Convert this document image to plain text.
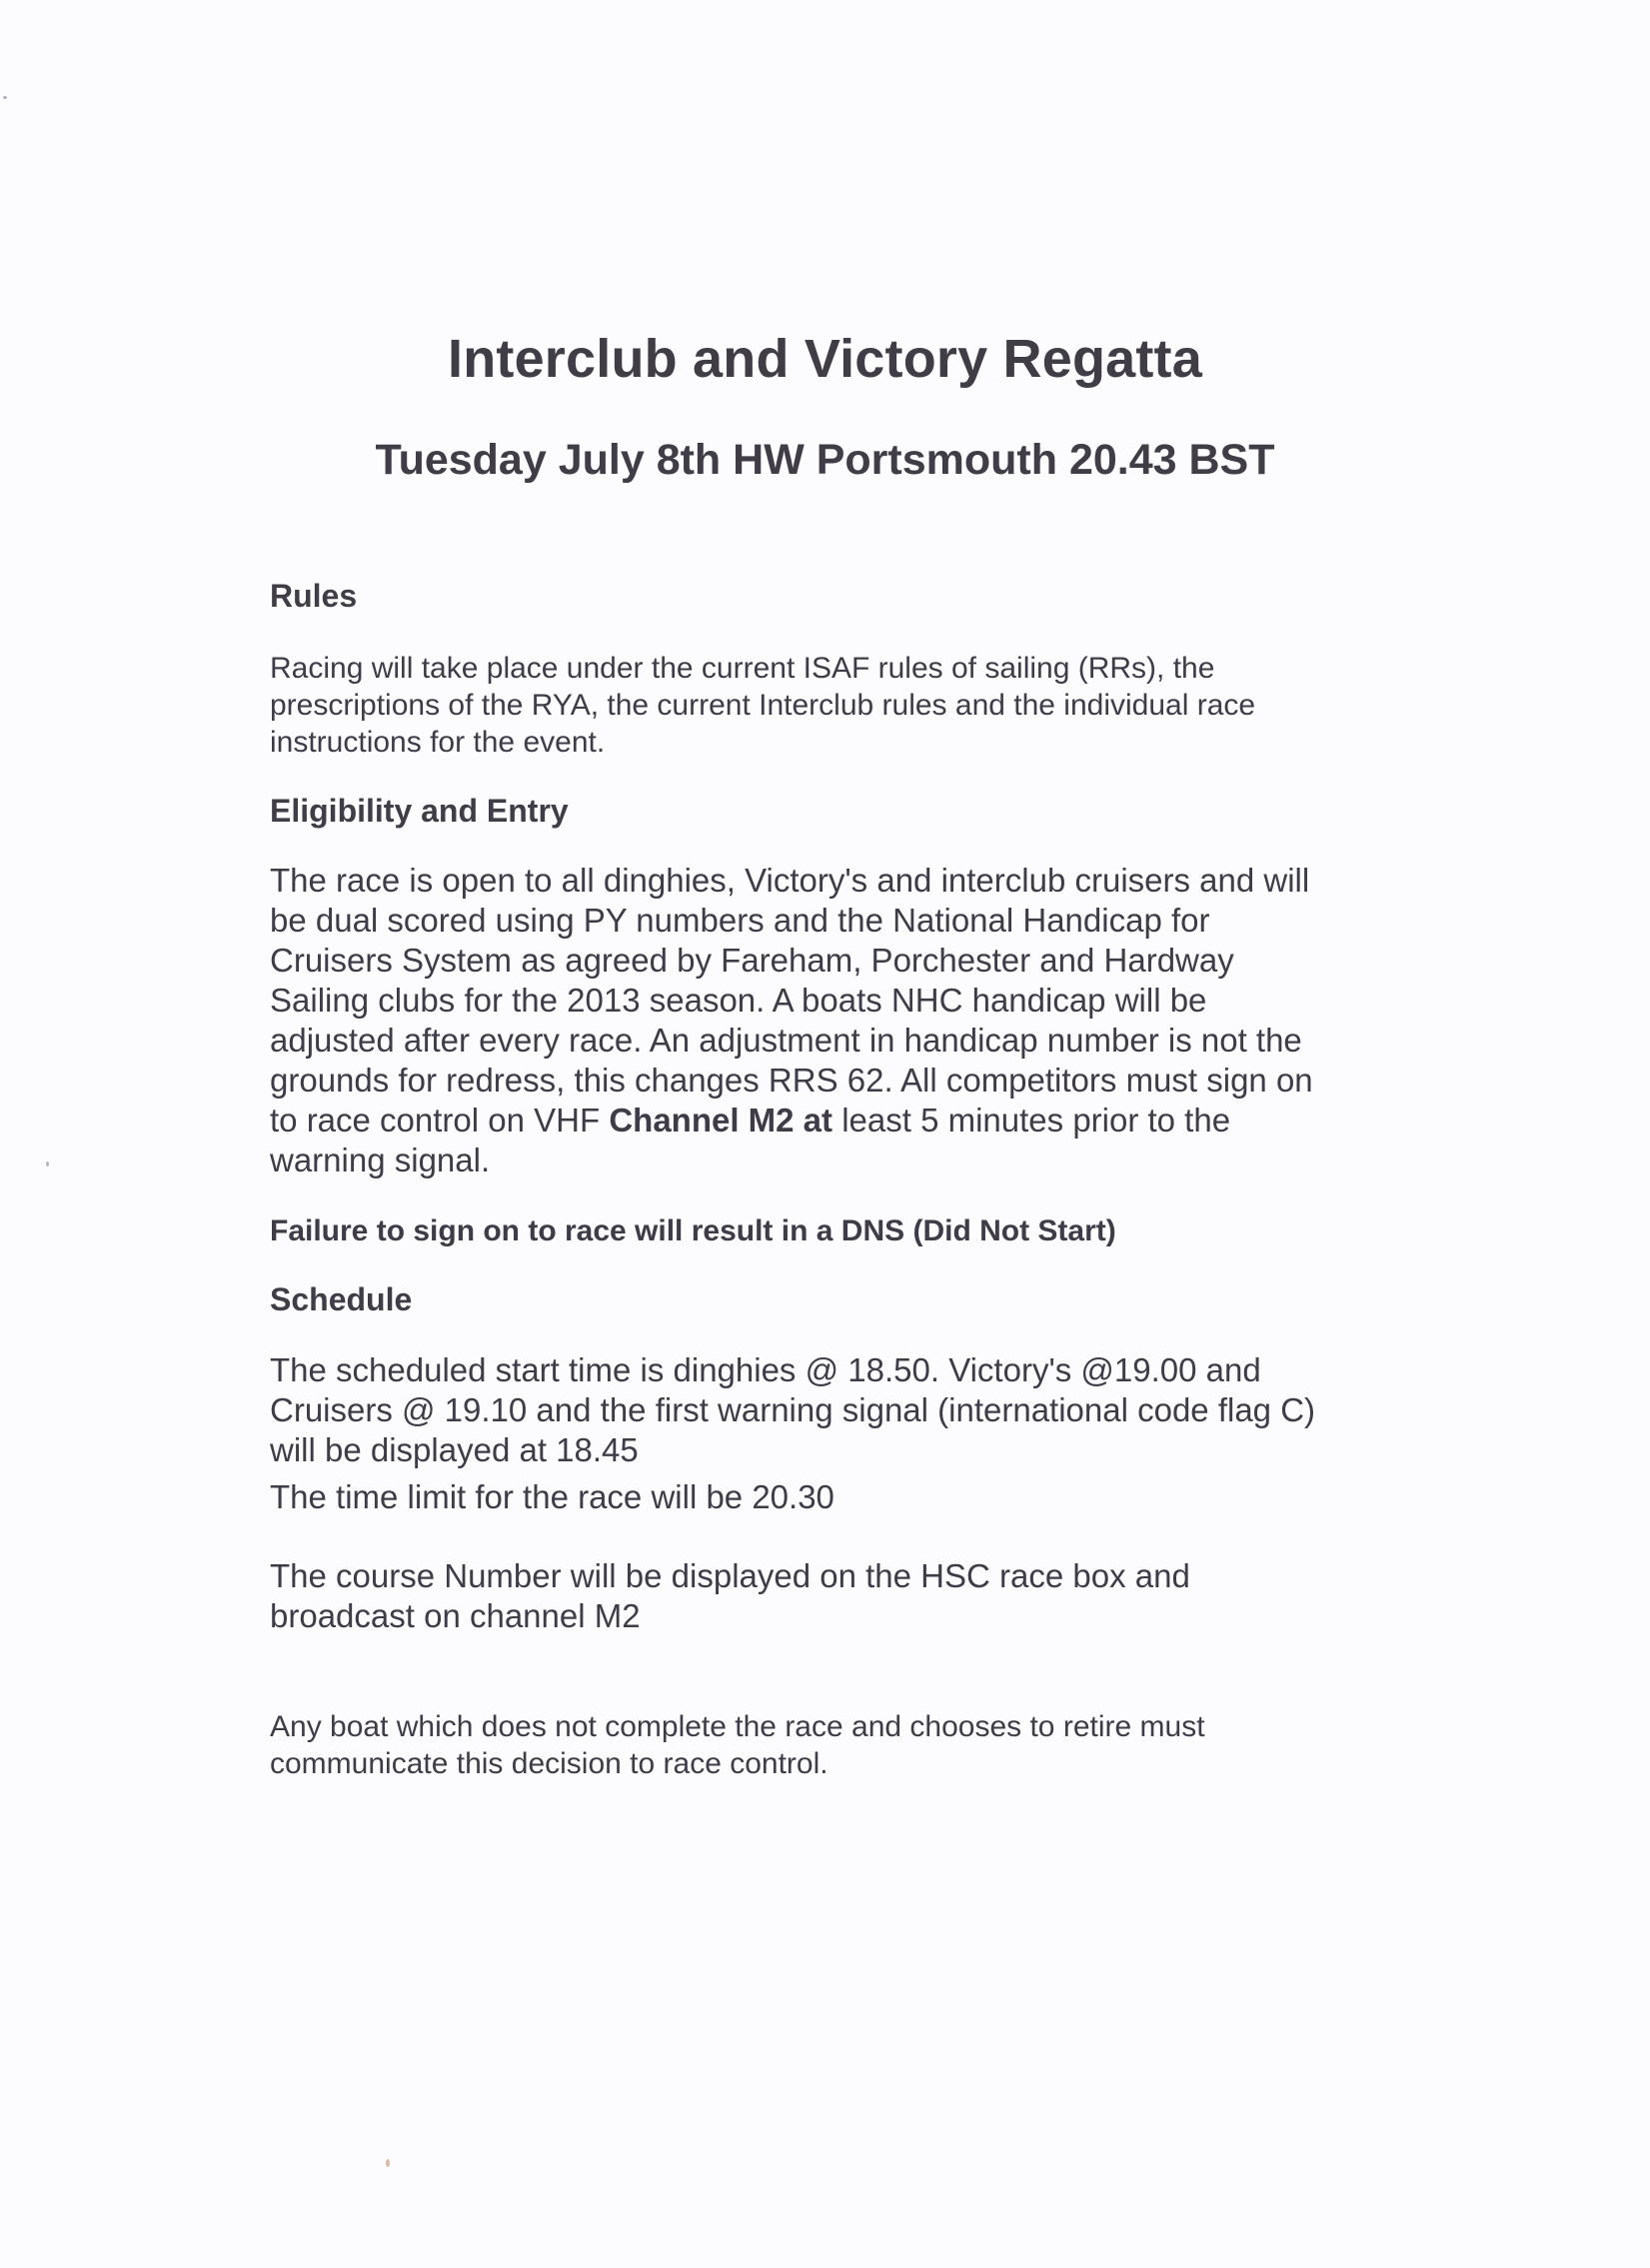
Interclub and Victory Regatta
Tuesday July 8th HW Portsmouth 20.43 BST
Rules
Racing will take place under the current ISAF rules of sailing (RRs), the
prescriptions of the RYA, the current Interclub rules and the individual race
instructions for the event.
Eligibility and Entry
The race is open to all dinghies, Victory's and interclub cruisers and will
be dual scored using PY numbers and the National Handicap for
Cruisers System as agreed by Fareham, Porchester and Hardway
Sailing clubs for the 2013 season. A boats NHC handicap will be
adjusted after every race. An adjustment in handicap number is not the
grounds for redress, this changes RRS 62. All competitors must sign on
to race control on VHF Channel M2 at least 5 minutes prior to the
warning signal.
Failure to sign on to race will result in a DNS (Did Not Start)
Schedule
The scheduled start time is dinghies @ 18.50. Victory's @19.00 and
Cruisers @ 19.10 and the first warning signal (international code flag C)
will be displayed at 18.45
The time limit for the race will be 20.30
The course Number will be displayed on the HSC race box and
broadcast on channel M2
Any boat which does not complete the race and chooses to retire must
communicate this decision to race control.
